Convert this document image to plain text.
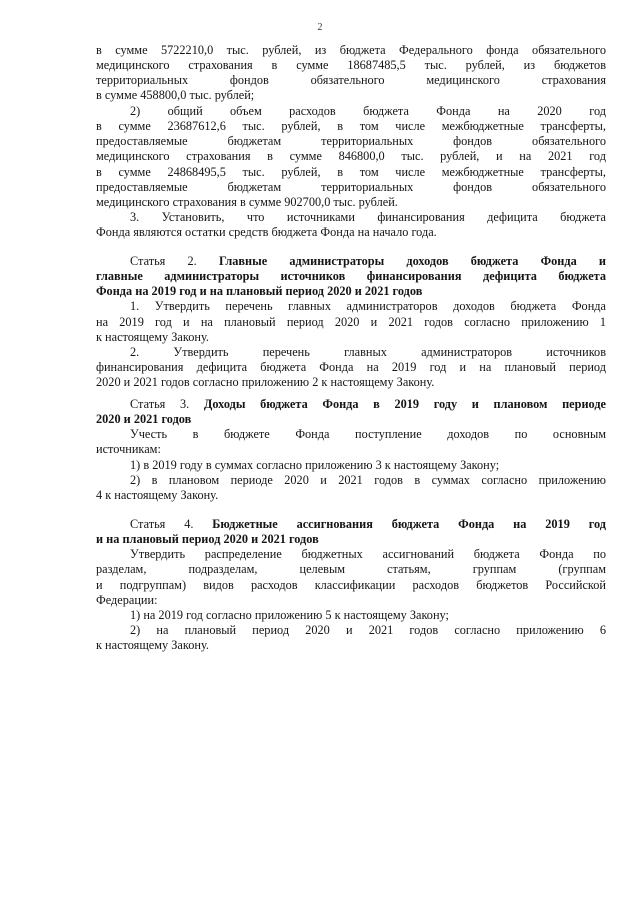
2

в сумме 5722210,0 тыс. рублей, из бюджета Федерального фонда обязательного
медицинского страхования в сумме 18687485,5 тыс. рублей, из бюджетов
территориальных фондов обязательного медицинского страхования
в сумме 458800,0 тыс. рублей;

2) общий объем расходов бюджета Фонда на 2020 год
в сумме 23687612,6 тыс. рублей, в том числе межбюджетные трансферты,
предоставляемые бюджетам территориальных фондов обязательного
медицинского страхования в сумме 846800,0 тыс. рублей, и на 2021 год
в сумме 24868495,5 тыс. рублей, в том числе межбюджетные трансферты,
предоставляемые бюджетам территориальных фондов обязательного
медицинского страхования в сумме 902700,0 тыс. рублей.

3. Установить, что источниками финансирования дефицита бюджета
Фонда являются остатки средств бюджета Фонда на начало года.

Статья 2. Главные администраторы доходов бюджета Фонда и
главные администраторы источников финансирования дефицита бюджета
Фонда на 2019 год и на плановый период 2020 и 2021 годов

1. Утвердить перечень главных администраторов доходов бюджета Фонда
на 2019 год и на плановый период 2020 и 2021 годов согласно приложению 1
к настоящему Закону.

2. Утвердить перечень главных администраторов источников
финансирования дефицита бюджета Фонда на 2019 год и на плановый период
2020 и 2021 годов согласно приложению 2 к настоящему Закону.

Статья 3. Доходы бюджета Фонда в 2019 году и плановом периоде
2020 и 2021 годов

Учесть в бюджете Фонда поступление доходов по основным
источникам:

1) в 2019 году в суммах согласно приложению 3 к настоящему Закону;

2) в плановом периоде 2020 и 2021 годов в суммах согласно приложению
4 к настоящему Закону.

Статья 4. Бюджетные ассигнования бюджета Фонда на 2019 год
и на плановый период 2020 и 2021 годов

Утвердить распределение бюджетных ассигнований бюджета Фонда по
разделам, подразделам, целевым статьям, группам (группам
и подгруппам) видов расходов классификации расходов бюджетов Российской
Федерации:

1) на 2019 год согласно приложению 5 к настоящему Закону;

2) на плановый период 2020 и 2021 годов согласно приложению 6
к настоящему Закону.
